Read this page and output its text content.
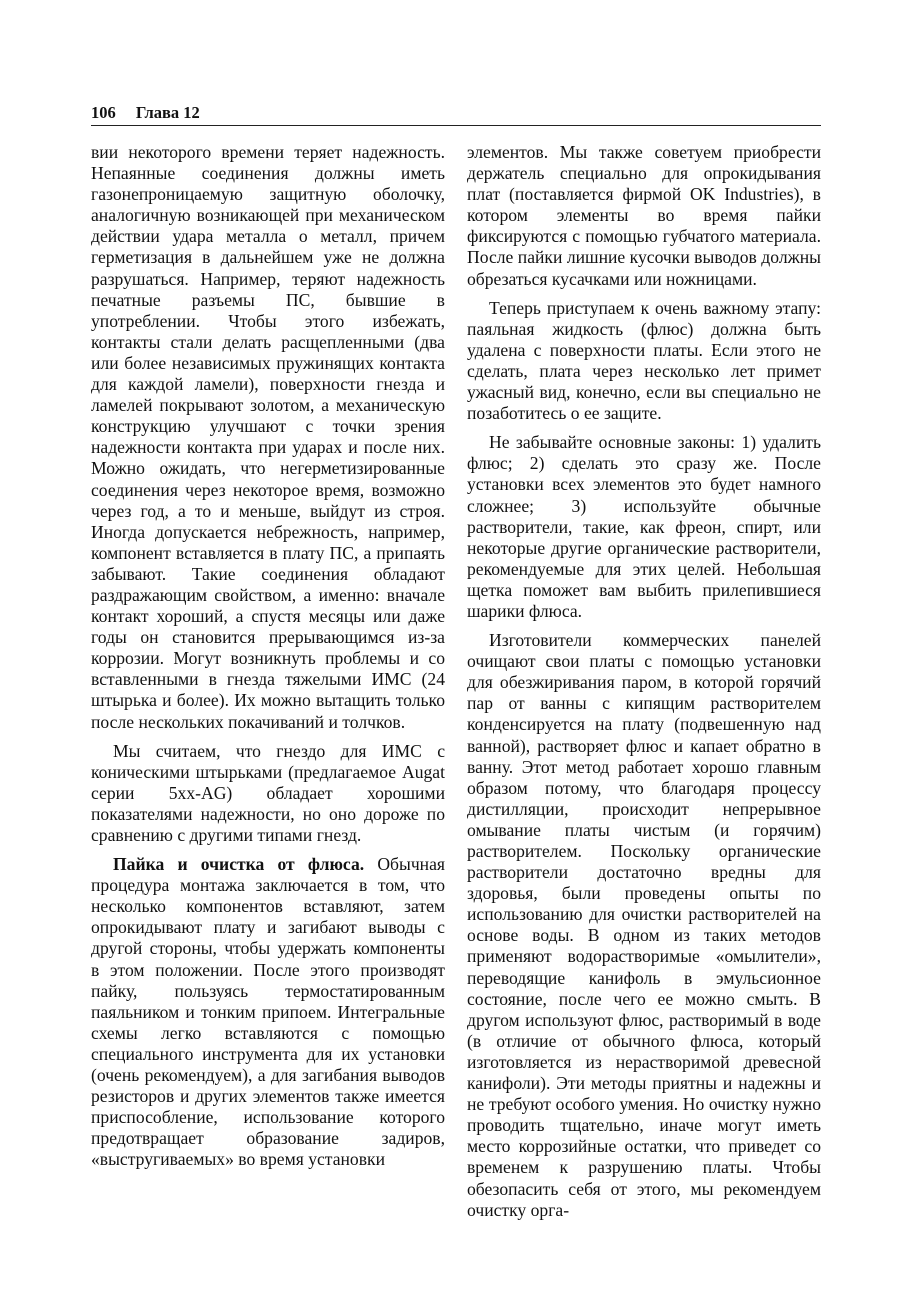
106 Глава 12

вии некоторого времени теряет надежность. Непаянные соединения должны иметь газонепроницаемую защитную оболочку, аналогичную возникающей при механическом действии удара металла о металл, причем герметизация в дальнейшем уже не должна разрушаться. Например, теряют надежность печатные разъемы ПС, бывшие в употреблении. Чтобы этого избежать, контакты стали делать расщепленными (два или более независимых пружинящих контакта для каждой ламели), поверхности гнезда и ламелей покрывают золотом, а механическую конструкцию улучшают с точки зрения надежности контакта при ударах и после них. Можно ожидать, что негерметизированные соединения через некоторое время, возможно через год, а то и меньше, выйдут из строя. Иногда допускается небрежность, например, компонент вставляется в плату ПС, а припаять забывают. Такие соединения обладают раздражающим свойством, а именно: вначале контакт хороший, а спустя месяцы или даже годы он становится прерывающимся из-за коррозии. Могут возникнуть проблемы и со вставленными в гнезда тяжелыми ИМС (24 штырька и более). Их можно вытащить только после нескольких покачиваний и толчков.

Мы считаем, что гнездо для ИМС с коническими штырьками (предлагаемое Augat серии 5xx-AG) обладает хорошими показателями надежности, но оно дороже по сравнению с другими типами гнезд.

Пайка и очистка от флюса. Обычная процедура монтажа заключается в том, что несколько компонентов вставляют, затем опрокидывают плату и загибают выводы с другой стороны, чтобы удержать компоненты в этом положении. После этого производят пайку, пользуясь термостатированным паяльником и тонким припоем. Интегральные схемы легко вставляются с помощью специального инструмента для их установки (очень рекомендуем), а для загибания выводов резисторов и других элементов также имеется приспособление, использование которого предотвращает образование задиров, «выстругиваемых» во время установки

элементов. Мы также советуем приобрести держатель специально для опрокидывания плат (поставляется фирмой OK Industries), в котором элементы во время пайки фиксируются с помощью губчатого материала. После пайки лишние кусочки выводов должны обрезаться кусачками или ножницами.

Теперь приступаем к очень важному этапу: паяльная жидкость (флюс) должна быть удалена с поверхности платы. Если этого не сделать, плата через несколько лет примет ужасный вид, конечно, если вы специально не позаботитесь о ее защите.

Не забывайте основные законы: 1) удалить флюс; 2) сделать это сразу же. После установки всех элементов это будет намного сложнее; 3) используйте обычные растворители, такие, как фреон, спирт, или некоторые другие органические растворители, рекомендуемые для этих целей. Небольшая щетка поможет вам выбить прилепившиеся шарики флюса.

Изготовители коммерческих панелей очищают свои платы с помощью установки для обезжиривания паром, в которой горячий пар от ванны с кипящим растворителем конденсируется на плату (подвешенную над ванной), растворяет флюс и капает обратно в ванну. Этот метод работает хорошо главным образом потому, что благодаря процессу дистилляции, происходит непрерывное омывание платы чистым (и горячим) растворителем. Поскольку органические растворители достаточно вредны для здоровья, были проведены опыты по использованию для очистки растворителей на основе воды. В одном из таких методов применяют водорастворимые «омылители», переводящие канифоль в эмульсионное состояние, после чего ее можно смыть. В другом используют флюс, растворимый в воде (в отличие от обычного флюса, который изготовляется из нерастворимой древесной канифоли). Эти методы приятны и надежны и не требуют особого умения. Но очистку нужно проводить тщательно, иначе могут иметь место коррозийные остатки, что приведет со временем к разрушению платы. Чтобы обезопасить себя от этого, мы рекомендуем очистку орга-
